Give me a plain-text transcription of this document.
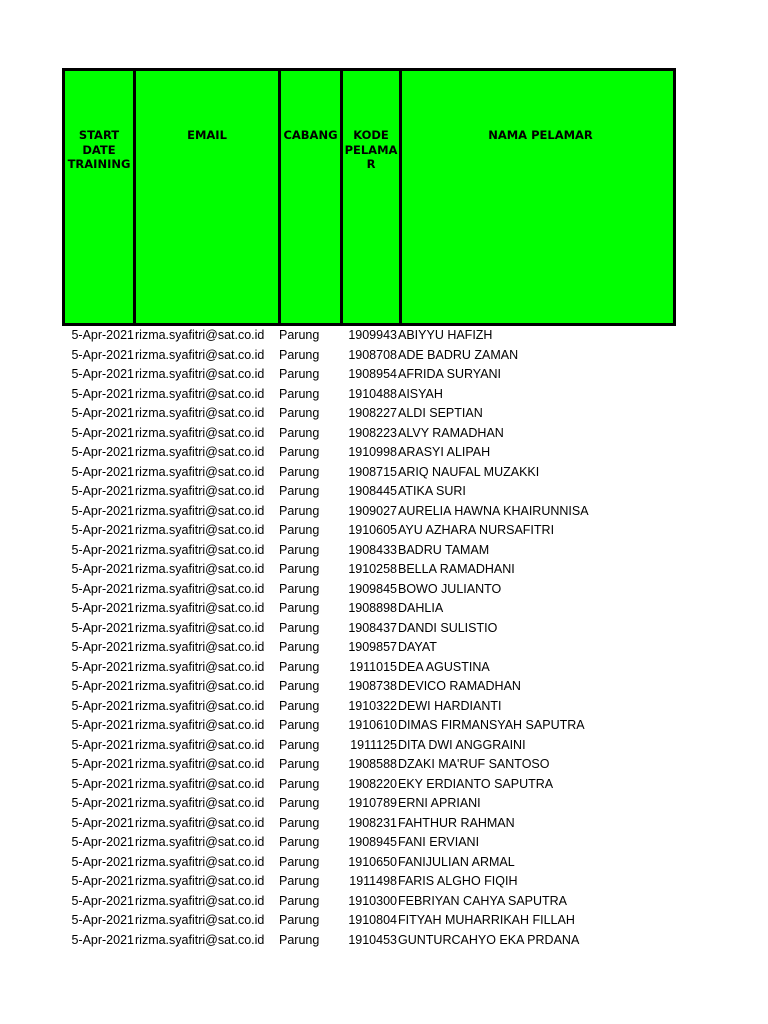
START
DATE
TRAINING
EMAIL	CABANG	KODE
PELAMA
R
NAMA PELAMAR
5-Apr-2021 rizma.syafitri@sat.co.id Parung 1909943 ABIYYU HAFIZH
5-Apr-2021 rizma.syafitri@sat.co.id Parung 1908708 ADE BADRU ZAMAN
5-Apr-2021 rizma.syafitri@sat.co.id Parung 1908954 AFRIDA SURYANI
5-Apr-2021 rizma.syafitri@sat.co.id Parung 1910488 AISYAH
5-Apr-2021 rizma.syafitri@sat.co.id Parung 1908227 ALDI SEPTIAN
5-Apr-2021 rizma.syafitri@sat.co.id Parung 1908223 ALVY RAMADHAN
5-Apr-2021 rizma.syafitri@sat.co.id Parung 1910998 ARASYI ALIPAH
5-Apr-2021 rizma.syafitri@sat.co.id Parung 1908715 ARIQ NAUFAL MUZAKKI
5-Apr-2021 rizma.syafitri@sat.co.id Parung 1908445 ATIKA SURI
5-Apr-2021 rizma.syafitri@sat.co.id Parung 1909027 AURELIA HAWNA KHAIRUNNISA
5-Apr-2021 rizma.syafitri@sat.co.id Parung 1910605 AYU AZHARA NURSAFITRI
5-Apr-2021 rizma.syafitri@sat.co.id Parung 1908433 BADRU TAMAM
5-Apr-2021 rizma.syafitri@sat.co.id Parung 1910258 BELLA RAMADHANI
5-Apr-2021 rizma.syafitri@sat.co.id Parung 1909845 BOWO JULIANTO
5-Apr-2021 rizma.syafitri@sat.co.id Parung 1908898 DAHLIA
5-Apr-2021 rizma.syafitri@sat.co.id Parung 1908437 DANDI SULISTIO
5-Apr-2021 rizma.syafitri@sat.co.id Parung 1909857 DAYAT
5-Apr-2021 rizma.syafitri@sat.co.id Parung 1911015 DEA AGUSTINA
5-Apr-2021 rizma.syafitri@sat.co.id Parung 1908738 DEVICO RAMADHAN
5-Apr-2021 rizma.syafitri@sat.co.id Parung 1910322 DEWI HARDIANTI
5-Apr-2021 rizma.syafitri@sat.co.id Parung 1910610 DIMAS FIRMANSYAH SAPUTRA
5-Apr-2021 rizma.syafitri@sat.co.id Parung 1911125 DITA DWI ANGGRAINI
5-Apr-2021 rizma.syafitri@sat.co.id Parung 1908588 DZAKI MA'RUF SANTOSO
5-Apr-2021 rizma.syafitri@sat.co.id Parung 1908220 EKY ERDIANTO SAPUTRA
5-Apr-2021 rizma.syafitri@sat.co.id Parung 1910789 ERNI APRIANI
5-Apr-2021 rizma.syafitri@sat.co.id Parung 1908231 FAHTHUR RAHMAN
5-Apr-2021 rizma.syafitri@sat.co.id Parung 1908945 FANI ERVIANI
5-Apr-2021 rizma.syafitri@sat.co.id Parung 1910650 FANIJULIAN ARMAL
5-Apr-2021 rizma.syafitri@sat.co.id Parung 1911498 FARIS ALGHO FIQIH
5-Apr-2021 rizma.syafitri@sat.co.id Parung 1910300 FEBRIYAN CAHYA SAPUTRA
5-Apr-2021 rizma.syafitri@sat.co.id Parung 1910804 FITYAH MUHARRIKAH FILLAH
5-Apr-2021 rizma.syafitri@sat.co.id Parung 1910453 GUNTURCAHYO EKA PRDANA
